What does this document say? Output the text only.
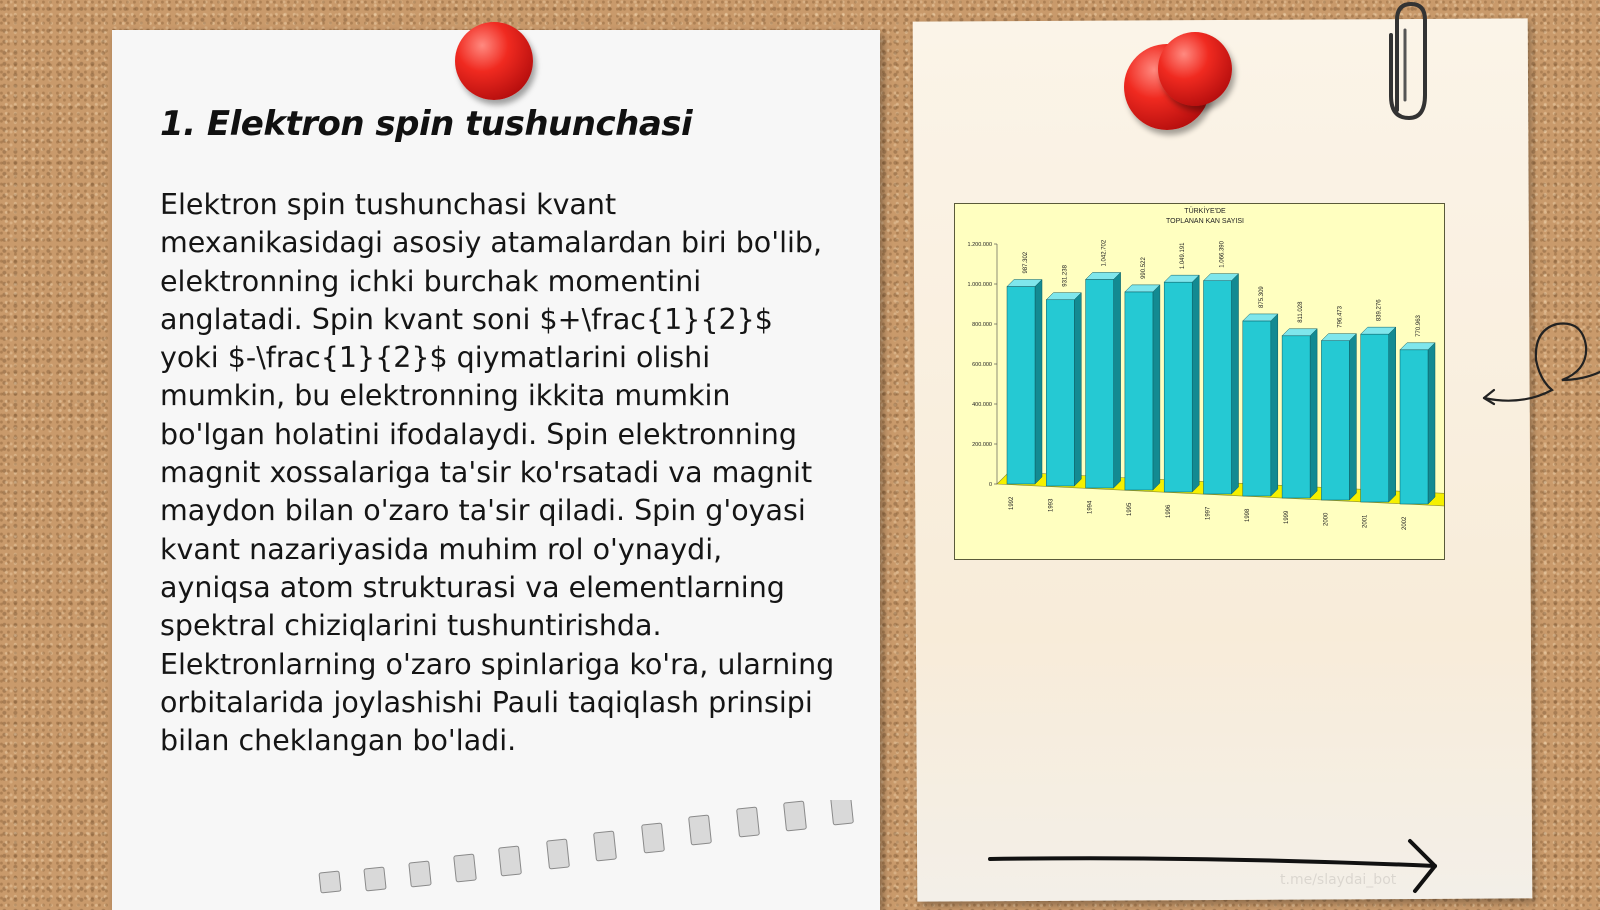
1. Elektron spin tushunchasi

Elektron spin tushunchasi kvant mexanikasidagi asosiy atamalardan biri bo'lib, elektronning ichki burchak momentini anglatadi. Spin kvant soni $+\frac{1}{2}$ yoki $-\frac{1}{2}$ qiymatlarini olishi mumkin, bu elektronning ikkita mumkin bo'lgan holatini ifodalaydi. Spin elektronning magnit xossalariga ta'sir ko'rsatadi va magnit maydon bilan o'zaro ta'sir qiladi. Spin g'oyasi kvant nazariyasida muhim rol o'ynaydi, ayniqsa atom strukturasi va elementlarning spektral chiziqlarini tushuntirishda. Elektronlarning o'zaro spinlariga ko'ra, ularning orbitalarida joylashishi Pauli taqiqlash prinsipi bilan cheklangan bo'ladi.

TÜRKİYE'DE
TOPLANAN KAN SAYISI
0
200.000
400.000
600.000
800.000
1.000.000
1.200.000
987.302
931.238
1.042.702
990.522	1.049.191	1.066.390
875.309
811.028	796.473	839.276
770.963
1992	1993	1994	1995	1996	1997	1998	1999	2000	2001	2002
t.me/slaydai_bot
